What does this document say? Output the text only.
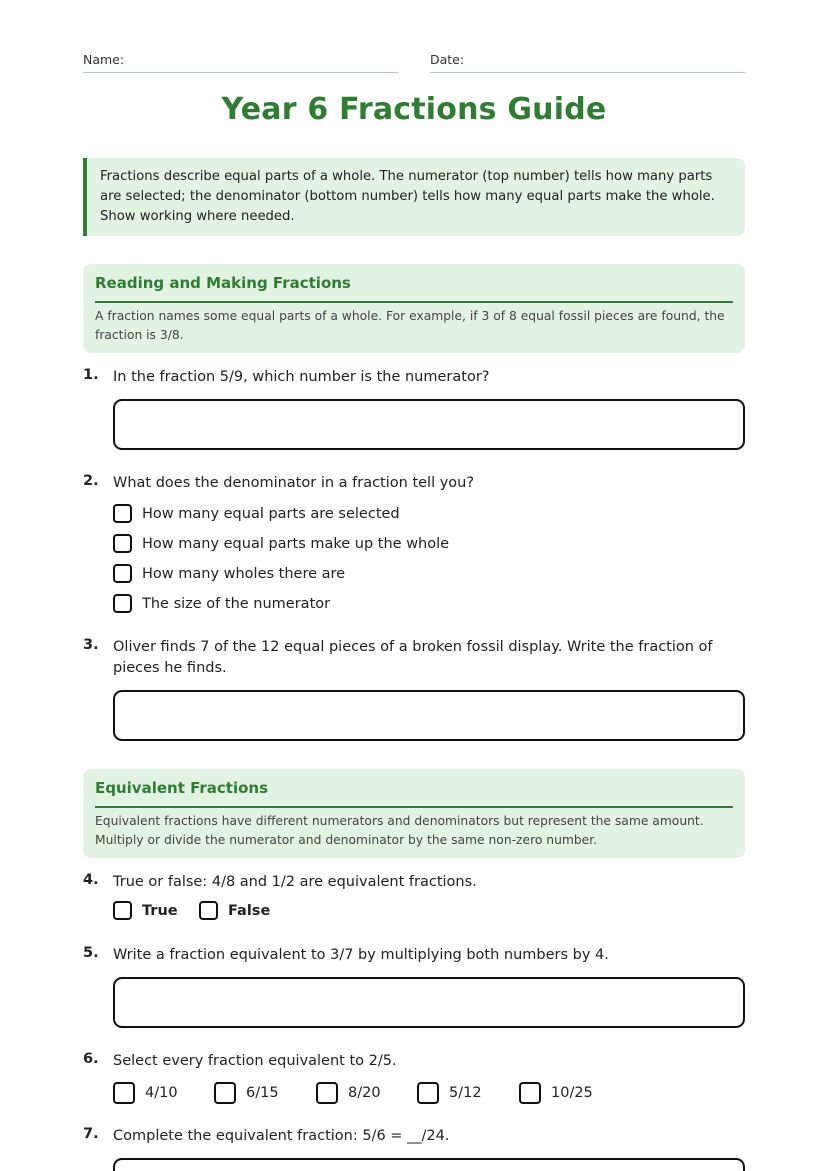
Name:	Date:
Year 6 Fractions Guide
Fractions describe equal parts of a whole. The numerator (top number) tells how many parts are selected; the denominator (bottom number) tells how many equal parts make the whole. Show working where needed.
Reading and Making Fractions
A fraction names some equal parts of a whole. For example, if 3 of 8 equal fossil pieces are found, the fraction is 3/8.
1. In the fraction 5/9, which number is the numerator?
2. What does the denominator in a fraction tell you?
How many equal parts are selected
How many equal parts make up the whole
How many wholes there are
The size of the numerator
3. Oliver finds 7 of the 12 equal pieces of a broken fossil display. Write the fraction of pieces he finds.
Equivalent Fractions
Equivalent fractions have different numerators and denominators but represent the same amount. Multiply or divide the numerator and denominator by the same non-zero number.
4. True or false: 4/8 and 1/2 are equivalent fractions.
True	False
5. Write a fraction equivalent to 3/7 by multiplying both numbers by 4.
6. Select every fraction equivalent to 2/5.
4/10	6/15	8/20	5/12	10/25
7. Complete the equivalent fraction: 5/6 = __/24.
